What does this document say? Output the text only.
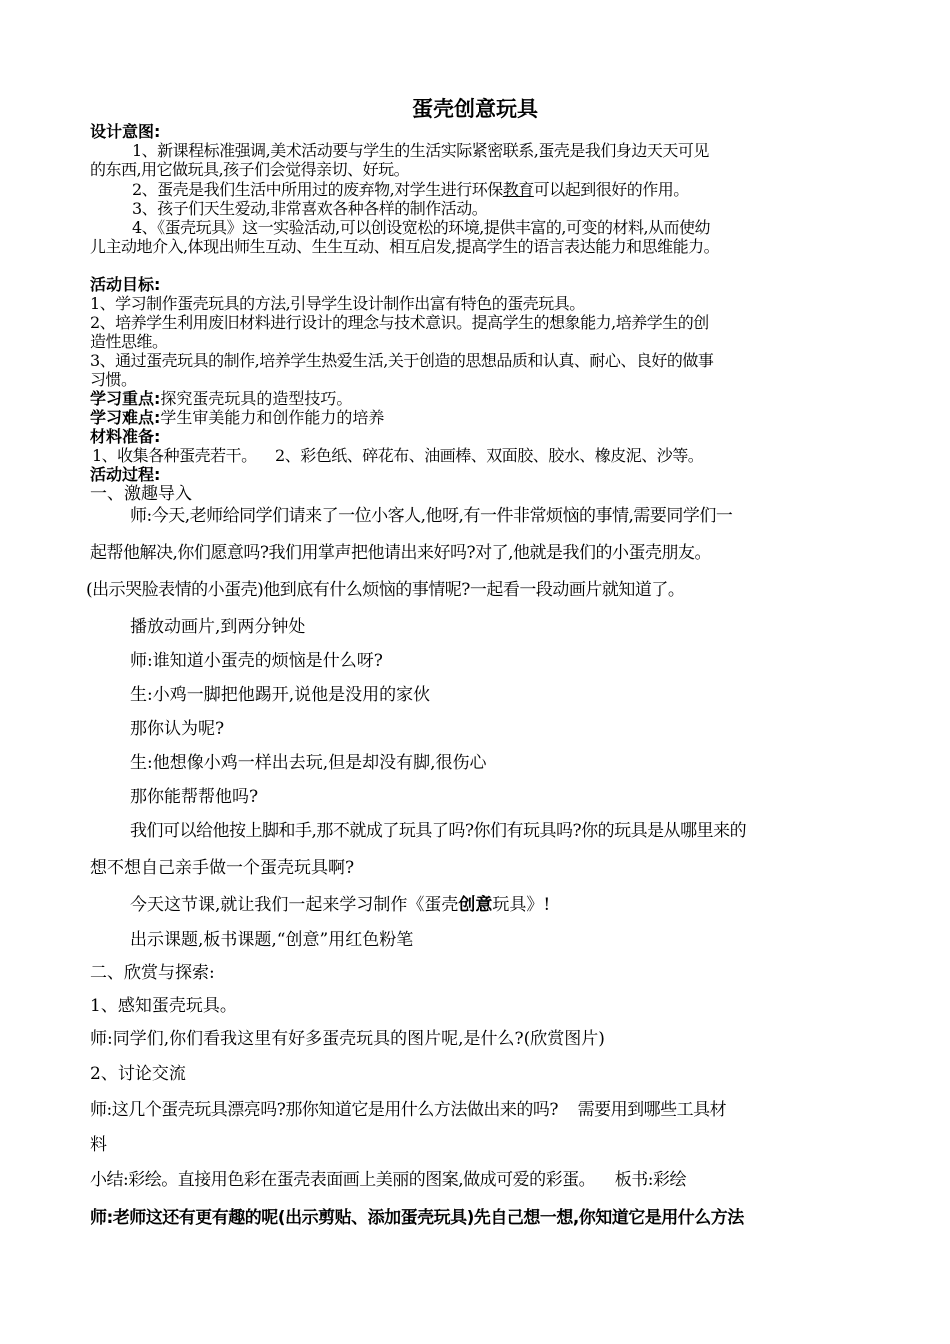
蛋壳创意玩具
设计意图:
1、新课程标准强调,美术活动要与学生的生活实际紧密联系,蛋壳是我们身边天天可见
的东西,用它做玩具,孩子们会觉得亲切、好玩。
2、蛋壳是我们生活中所用过的废弃物,对学生进行环保教育可以起到很好的作用。
3、孩子们天生爱动,非常喜欢各种各样的制作活动。
4、《蛋壳玩具》这一实验活动,可以创设宽松的环境,提供丰富的,可变的材料,从而使幼
儿主动地介入,体现出师生互动、生生互动、相互启发,提高学生的语言表达能力和思维能力。
活动目标:
1、学习制作蛋壳玩具的方法,引导学生设计制作出富有特色的蛋壳玩具。
2、培养学生利用废旧材料进行设计的理念与技术意识。提高学生的想象能力,培养学生的创
造性思维。
3、通过蛋壳玩具的制作,培养学生热爱生活,关于创造的思想品质和认真、耐心、良好的做事
习惯。
学习重点:探究蛋壳玩具的造型技巧。
学习难点:学生审美能力和创作能力的培养
材料准备:
1、收集各种蛋壳若干。    2、彩色纸、碎花布、油画棒、双面胶、胶水、橡皮泥、沙等。
活动过程:
一、激趣导入
师:今天,老师给同学们请来了一位小客人,他呀,有一件非常烦恼的事情,需要同学们一
起帮他解决,你们愿意吗?我们用掌声把他请出来好吗?对了,他就是我们的小蛋壳朋友。
(出示哭脸表情的小蛋壳)他到底有什么烦恼的事情呢?一起看一段动画片就知道了。
播放动画片,到两分钟处
师:谁知道小蛋壳的烦恼是什么呀?
生:小鸡一脚把他踢开,说他是没用的家伙
那你认为呢?
生:他想像小鸡一样出去玩,但是却没有脚,很伤心
那你能帮帮他吗?
我们可以给他按上脚和手,那不就成了玩具了吗?你们有玩具吗?你的玩具是从哪里来的
想不想自己亲手做一个蛋壳玩具啊?
今天这节课,就让我们一起来学习制作《蛋壳创意玩具》!
出示课题,板书课题,“创意”用红色粉笔
二、欣赏与探索:
1、感知蛋壳玩具。
师:同学们,你们看我这里有好多蛋壳玩具的图片呢,是什么?(欣赏图片)
2、讨论交流
师:这几个蛋壳玩具漂亮吗?那你知道它是用什么方法做出来的吗?    需要用到哪些工具材
料
小结:彩绘。直接用色彩在蛋壳表面画上美丽的图案,做成可爱的彩蛋。    板书:彩绘
师:老师这还有更有趣的呢(出示剪贴、添加蛋壳玩具)先自己想一想,你知道它是用什么方法
